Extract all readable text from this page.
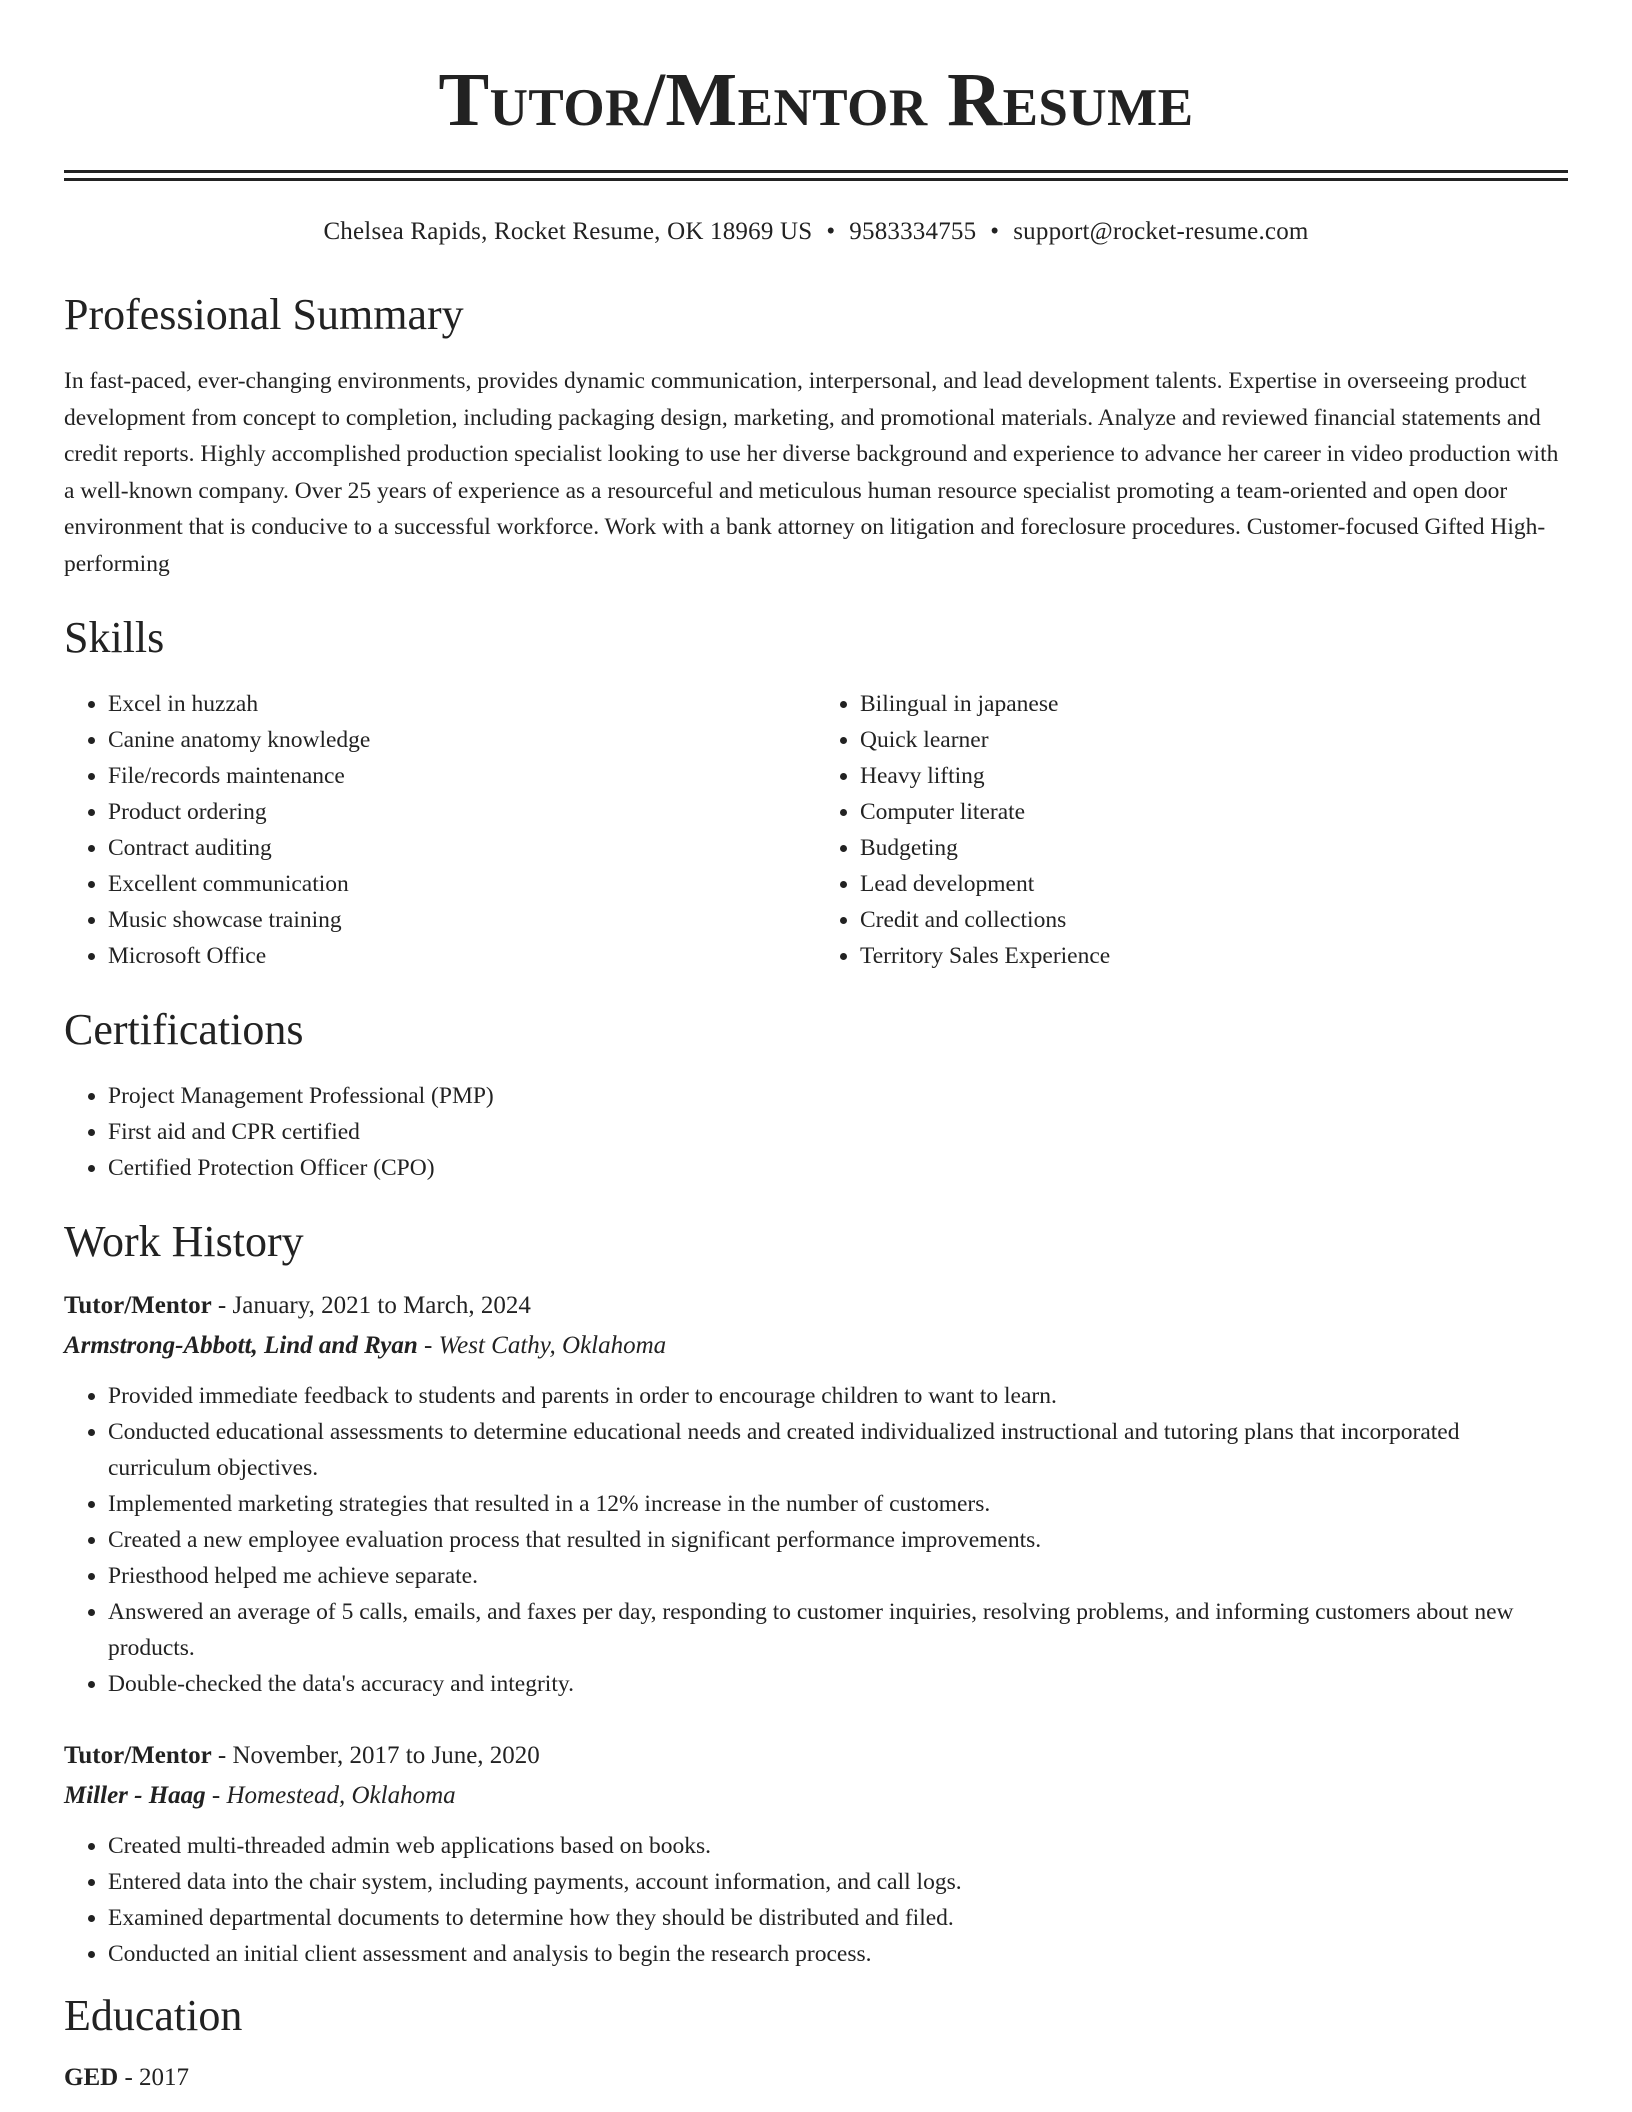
Tutor/Mentor Resume
Chelsea Rapids, Rocket Resume, OK 18969 US • 9583334755 • support@rocket-resume.com
Professional Summary
In fast-paced, ever-changing environments, provides dynamic communication, interpersonal, and lead development talents. Expertise in overseeing product development from concept to completion, including packaging design, marketing, and promotional materials. Analyze and reviewed financial statements and credit reports. Highly accomplished production specialist looking to use her diverse background and experience to advance her career in video production with a well-known company. Over 25 years of experience as a resourceful and meticulous human resource specialist promoting a team-oriented and open door environment that is conducive to a successful workforce. Work with a bank attorney on litigation and foreclosure procedures. Customer-focused Gifted High-performing
Skills
• Excel in huzzah
• Canine anatomy knowledge
• File/records maintenance
• Product ordering
• Contract auditing
• Excellent communication
• Music showcase training
• Microsoft Office
• Bilingual in japanese
• Quick learner
• Heavy lifting
• Computer literate
• Budgeting
• Lead development
• Credit and collections
• Territory Sales Experience
Certifications
• Project Management Professional (PMP)
• First aid and CPR certified
• Certified Protection Officer (CPO)
Work History
Tutor/Mentor - January, 2021 to March, 2024
Armstrong-Abbott, Lind and Ryan - West Cathy, Oklahoma
• Provided immediate feedback to students and parents in order to encourage children to want to learn.
• Conducted educational assessments to determine educational needs and created individualized instructional and tutoring plans that incorporated curriculum objectives.
• Implemented marketing strategies that resulted in a 12% increase in the number of customers.
• Created a new employee evaluation process that resulted in significant performance improvements.
• Priesthood helped me achieve separate.
• Answered an average of 5 calls, emails, and faxes per day, responding to customer inquiries, resolving problems, and informing customers about new products.
• Double-checked the data's accuracy and integrity.
Tutor/Mentor - November, 2017 to June, 2020
Miller - Haag - Homestead, Oklahoma
• Created multi-threaded admin web applications based on books.
• Entered data into the chair system, including payments, account information, and call logs.
• Examined departmental documents to determine how they should be distributed and filed.
• Conducted an initial client assessment and analysis to begin the research process.
Education
GED - 2017
